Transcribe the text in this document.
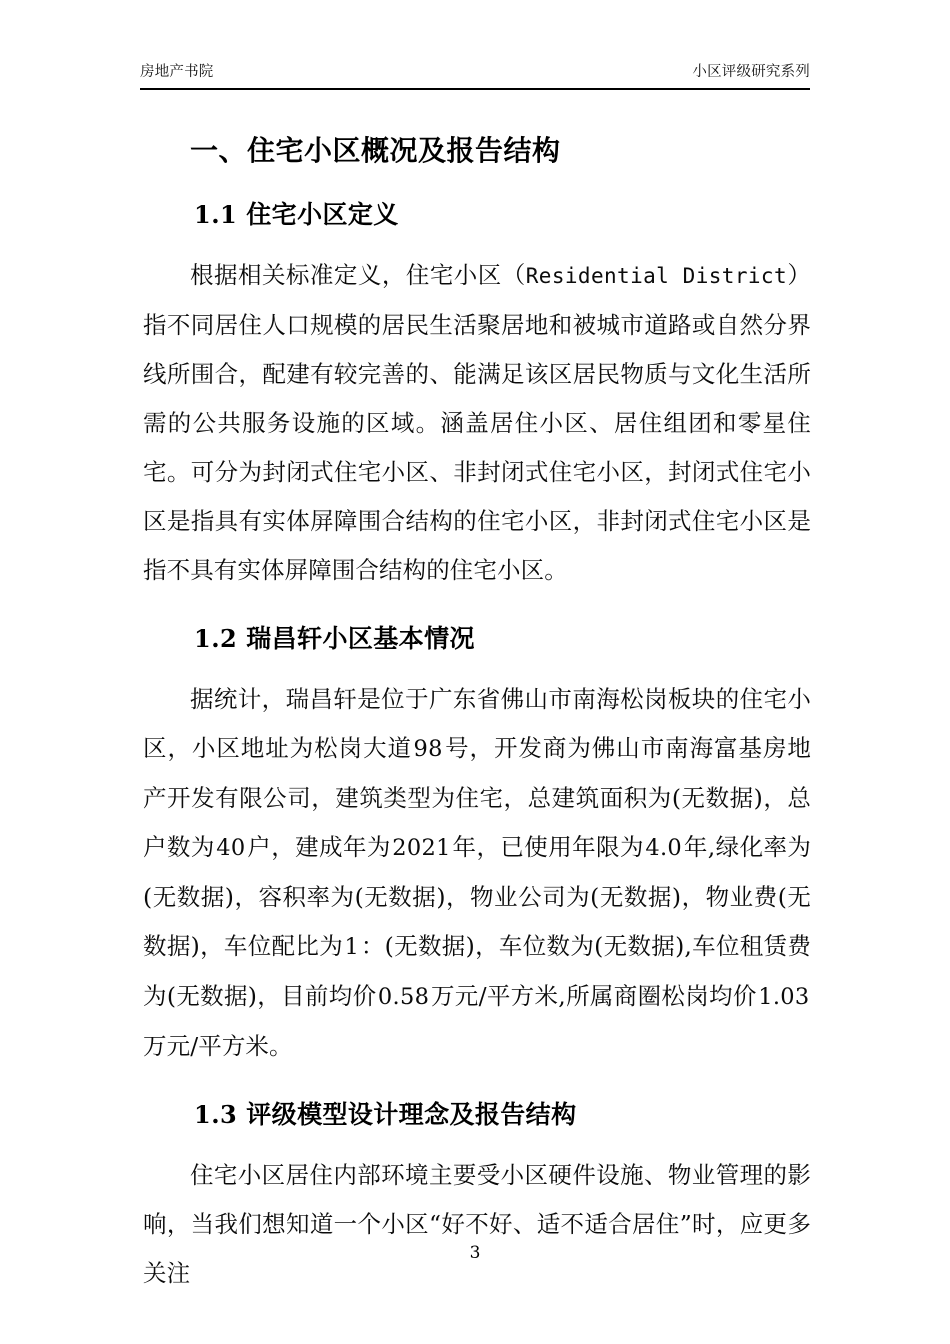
房地产书院	小区评级研究系列
一、住宅小区概况及报告结构
1.1 住宅小区定义

根据相关标准定义，住宅小区（Residential District）指不同居住人口规模的居民生活聚居地和被城市道路或自然分界线所围合，配建有较完善的、能满足该区居民物质与文化生活所需的公共服务设施的区域。涵盖居住小区、居住组团和零星住宅。可分为封闭式住宅小区、非封闭式住宅小区，封闭式住宅小区是指具有实体屏障围合结构的住宅小区，非封闭式住宅小区是指不具有实体屏障围合结构的住宅小区。

1.2 瑞昌轩小区基本情况

据统计，瑞昌轩是位于广东省佛山市南海松岗板块的住宅小区，小区地址为松岗大道98号，开发商为佛山市南海富基房地产开发有限公司，建筑类型为住宅，总建筑面积为(无数据)，总户数为40户，建成年为2021年，已使用年限为4.0年,绿化率为(无数据)，容积率为(无数据)，物业公司为(无数据)，物业费(无数据)，车位配比为1：(无数据)，车位数为(无数据),车位租赁费为(无数据)，目前均价0.58万元/平方米,所属商圈松岗均价1.03万元/平方米。

1.3 评级模型设计理念及报告结构

住宅小区居住内部环境主要受小区硬件设施、物业管理的影响，当我们想知道一个小区“好不好、适不适合居住”时，应更多关注

3
